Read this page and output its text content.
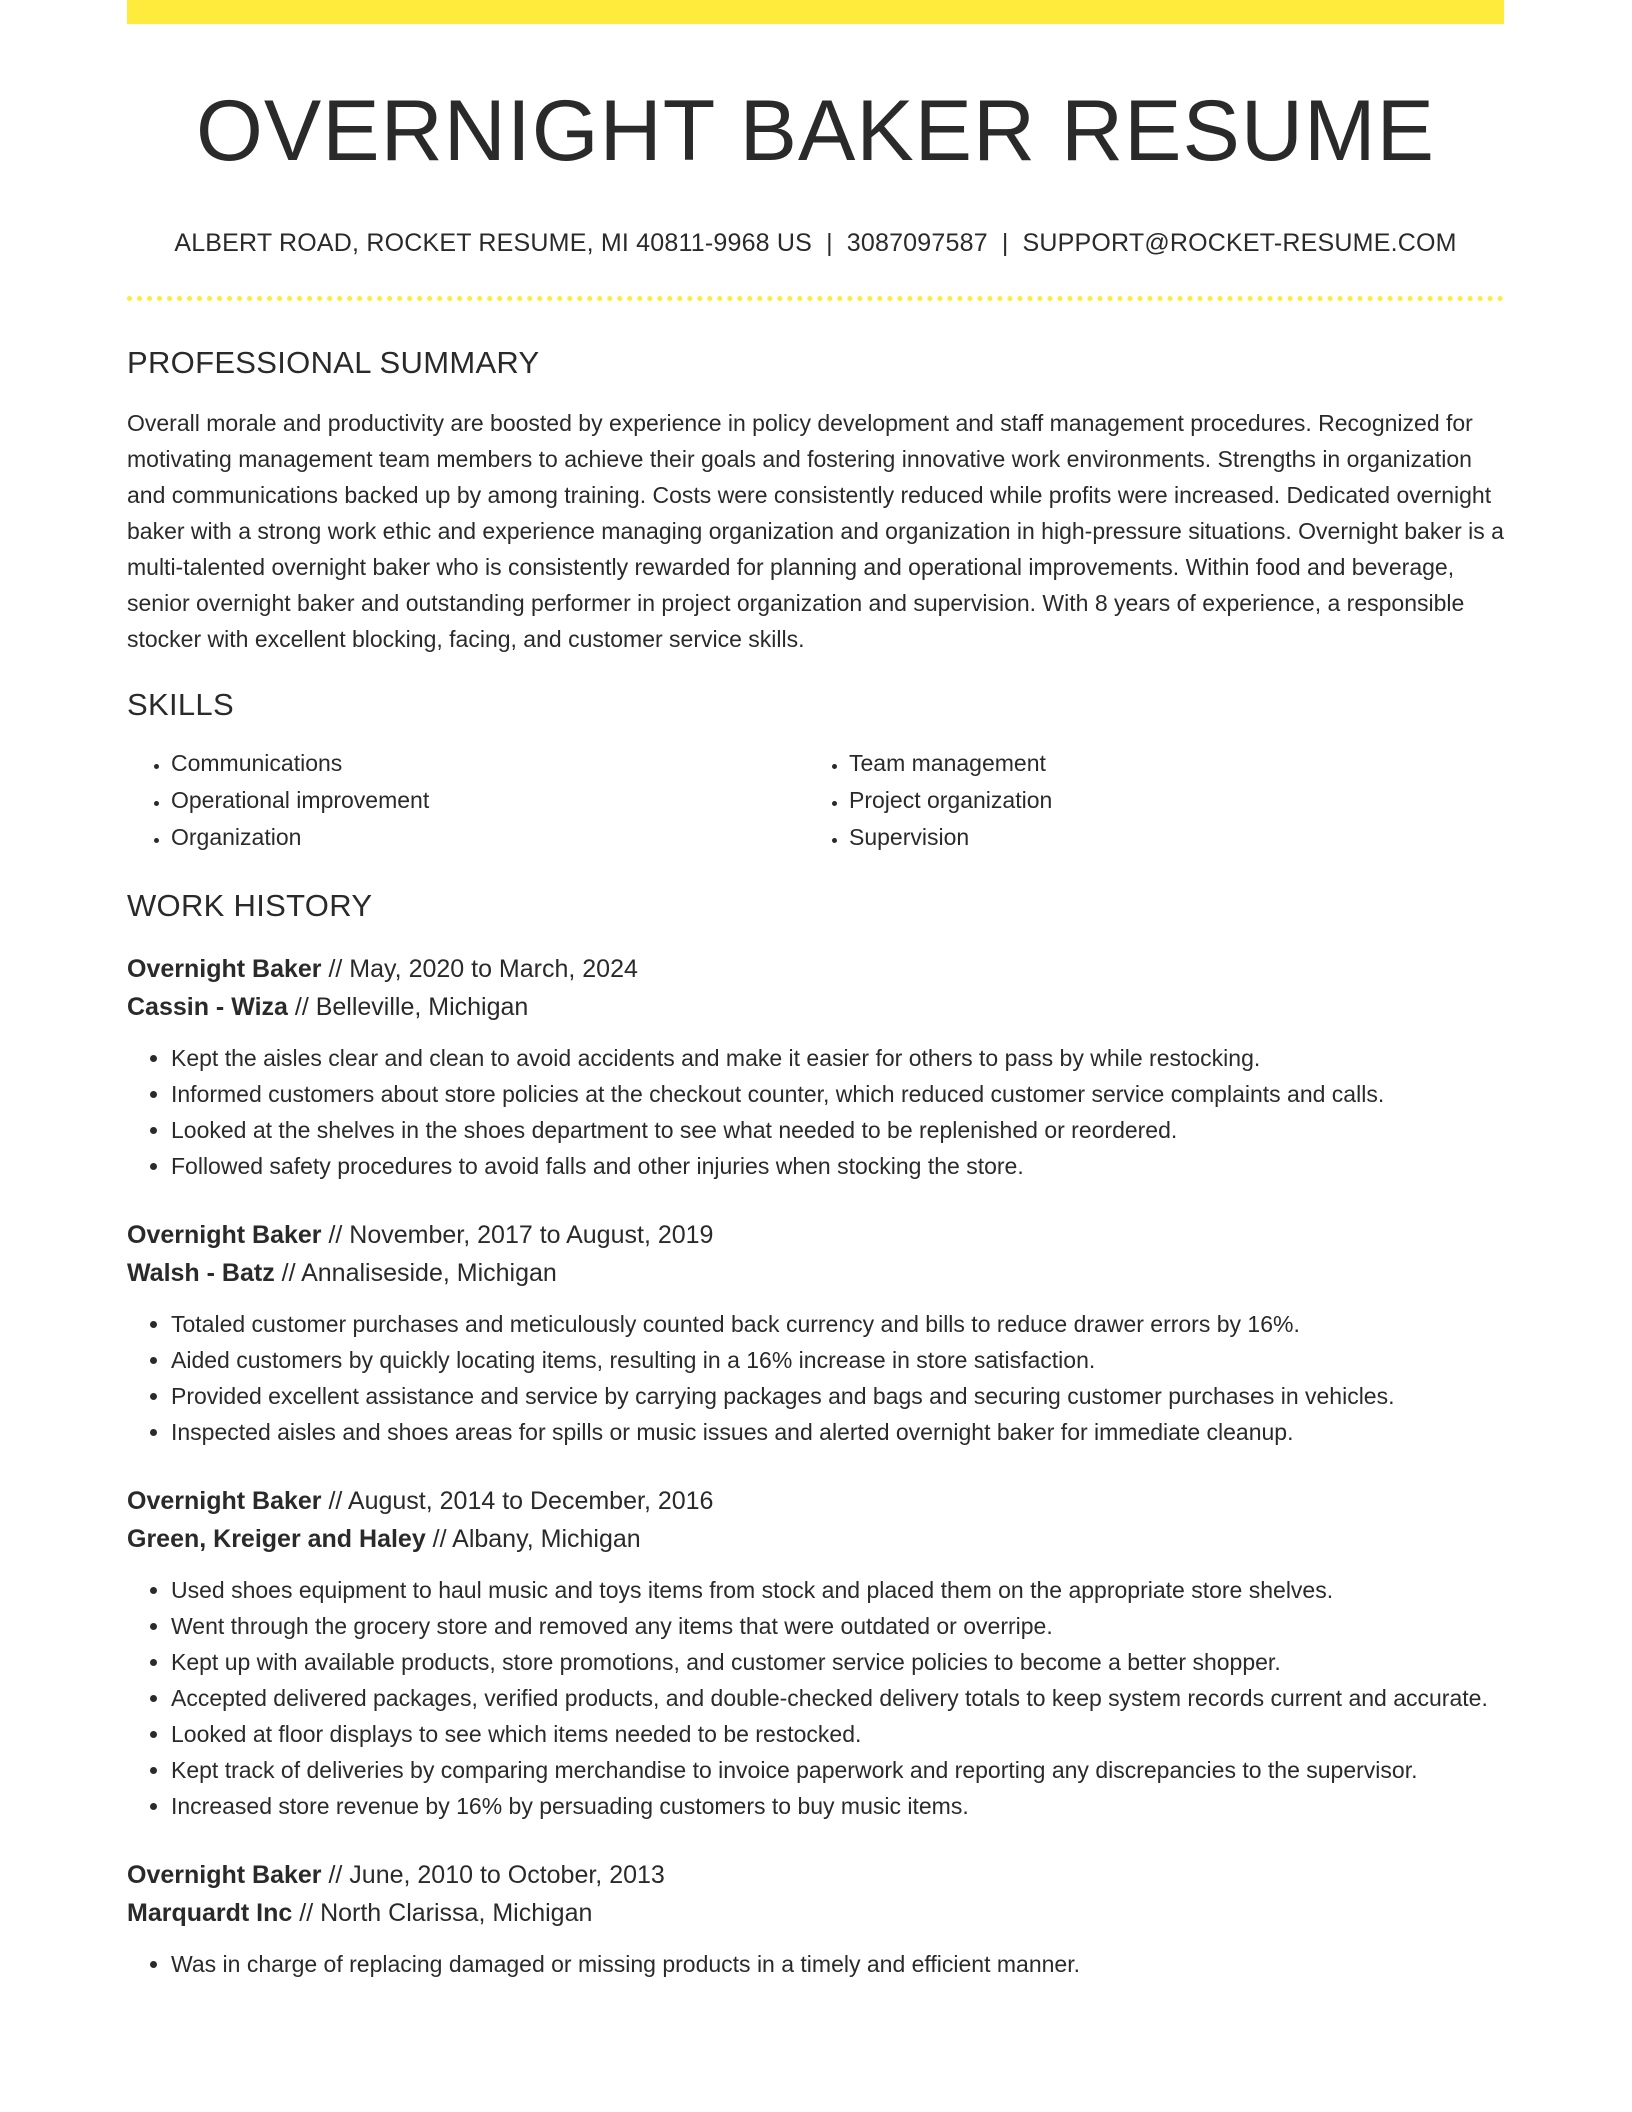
OVERNIGHT BAKER RESUME
ALBERT ROAD, ROCKET RESUME, MI 40811-9968 US | 3087097587 | SUPPORT@ROCKET-RESUME.COM
PROFESSIONAL SUMMARY

Overall morale and productivity are boosted by experience in policy development and staff management procedures. Recognized for motivating management team members to achieve their goals and fostering innovative work environments. Strengths in organization and communications backed up by among training. Costs were consistently reduced while profits were increased. Dedicated overnight baker with a strong work ethic and experience managing organization and organization in high-pressure situations. Overnight baker is a multi-talented overnight baker who is consistently rewarded for planning and operational improvements. Within food and beverage, senior overnight baker and outstanding performer in project organization and supervision. With 8 years of experience, a responsible stocker with excellent blocking, facing, and customer service skills.

SKILLS
• Communications
• Operational improvement
• Organization
• Team management
• Project organization
• Supervision
WORK HISTORY
Overnight Baker // May, 2020 to March, 2024
Cassin - Wiza // Belleville, Michigan
• Kept the aisles clear and clean to avoid accidents and make it easier for others to pass by while restocking.
• Informed customers about store policies at the checkout counter, which reduced customer service complaints and calls.
• Looked at the shelves in the shoes department to see what needed to be replenished or reordered.
• Followed safety procedures to avoid falls and other injuries when stocking the store.
Overnight Baker // November, 2017 to August, 2019
Walsh - Batz // Annaliseside, Michigan
• Totaled customer purchases and meticulously counted back currency and bills to reduce drawer errors by 16%.
• Aided customers by quickly locating items, resulting in a 16% increase in store satisfaction.
• Provided excellent assistance and service by carrying packages and bags and securing customer purchases in vehicles.
• Inspected aisles and shoes areas for spills or music issues and alerted overnight baker for immediate cleanup.
Overnight Baker // August, 2014 to December, 2016
Green, Kreiger and Haley // Albany, Michigan
• Used shoes equipment to haul music and toys items from stock and placed them on the appropriate store shelves.
• Went through the grocery store and removed any items that were outdated or overripe.
• Kept up with available products, store promotions, and customer service policies to become a better shopper.
• Accepted delivered packages, verified products, and double-checked delivery totals to keep system records current and accurate.
• Looked at floor displays to see which items needed to be restocked.
• Kept track of deliveries by comparing merchandise to invoice paperwork and reporting any discrepancies to the supervisor.
• Increased store revenue by 16% by persuading customers to buy music items.
Overnight Baker // June, 2010 to October, 2013
Marquardt Inc // North Clarissa, Michigan
• Was in charge of replacing damaged or missing products in a timely and efficient manner.
